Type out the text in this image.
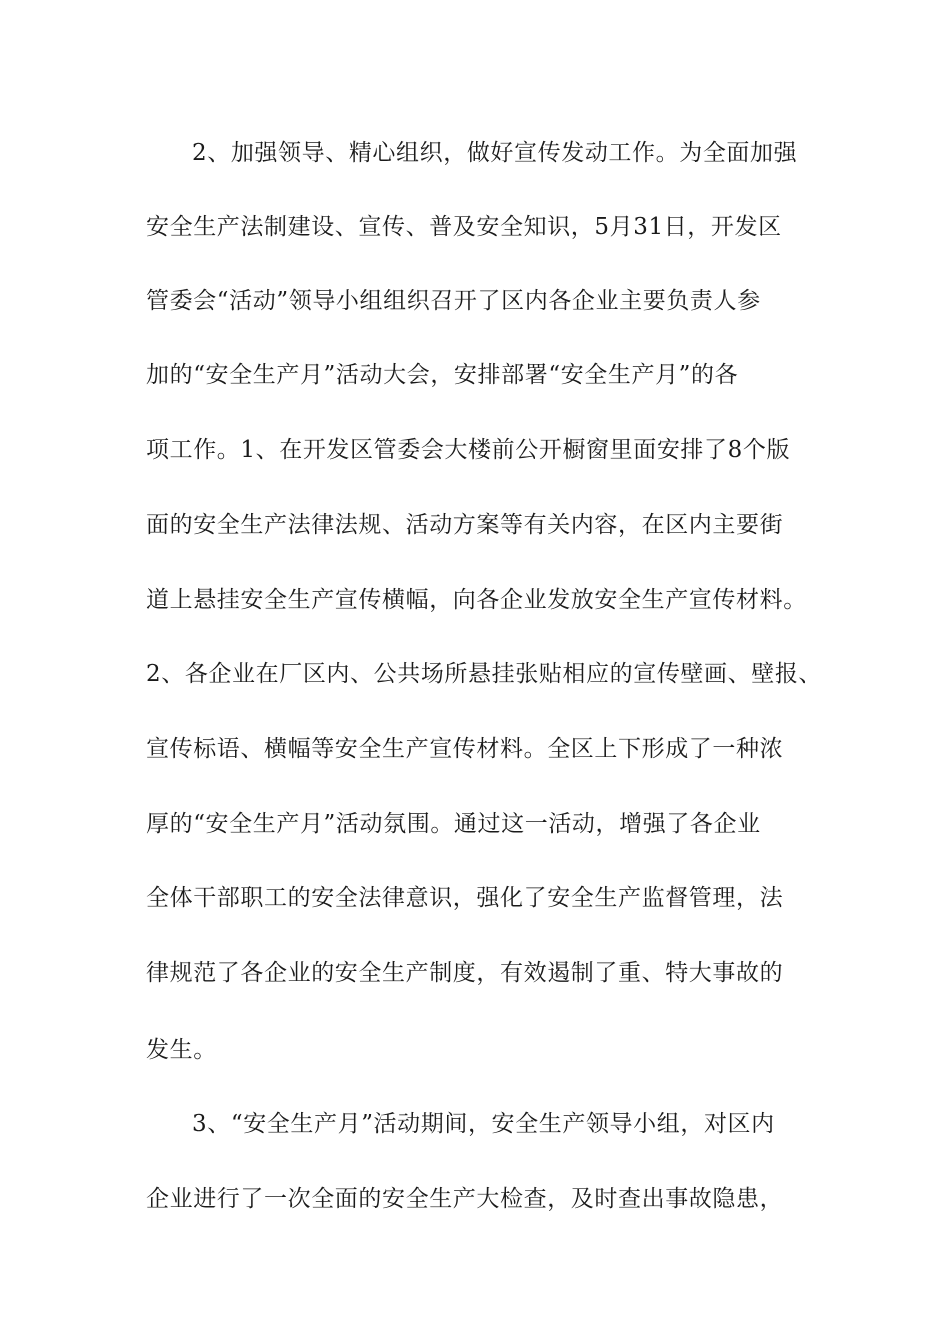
2、加强领导、精心组织，做好宣传发动工作。为全面加强
安全生产法制建设、宣传、普及安全知识，5月31日，开发区
管委会“活动”领导小组组织召开了区内各企业主要负责人参
加的“安全生产月”活动大会，安排部署“安全生产月”的各
项工作。1、在开发区管委会大楼前公开橱窗里面安排了8个版
面的安全生产法律法规、活动方案等有关内容，在区内主要街
道上悬挂安全生产宣传横幅，向各企业发放安全生产宣传材料。
2、各企业在厂区内、公共场所悬挂张贴相应的宣传壁画、壁报、
宣传标语、横幅等安全生产宣传材料。全区上下形成了一种浓
厚的“安全生产月”活动氛围。通过这一活动，增强了各企业
全体干部职工的安全法律意识，强化了安全生产监督管理，法
律规范了各企业的安全生产制度，有效遏制了重、特大事故的
发生。
3、“安全生产月”活动期间，安全生产领导小组，对区内
企业进行了一次全面的安全生产大检查，及时查出事故隐患，
